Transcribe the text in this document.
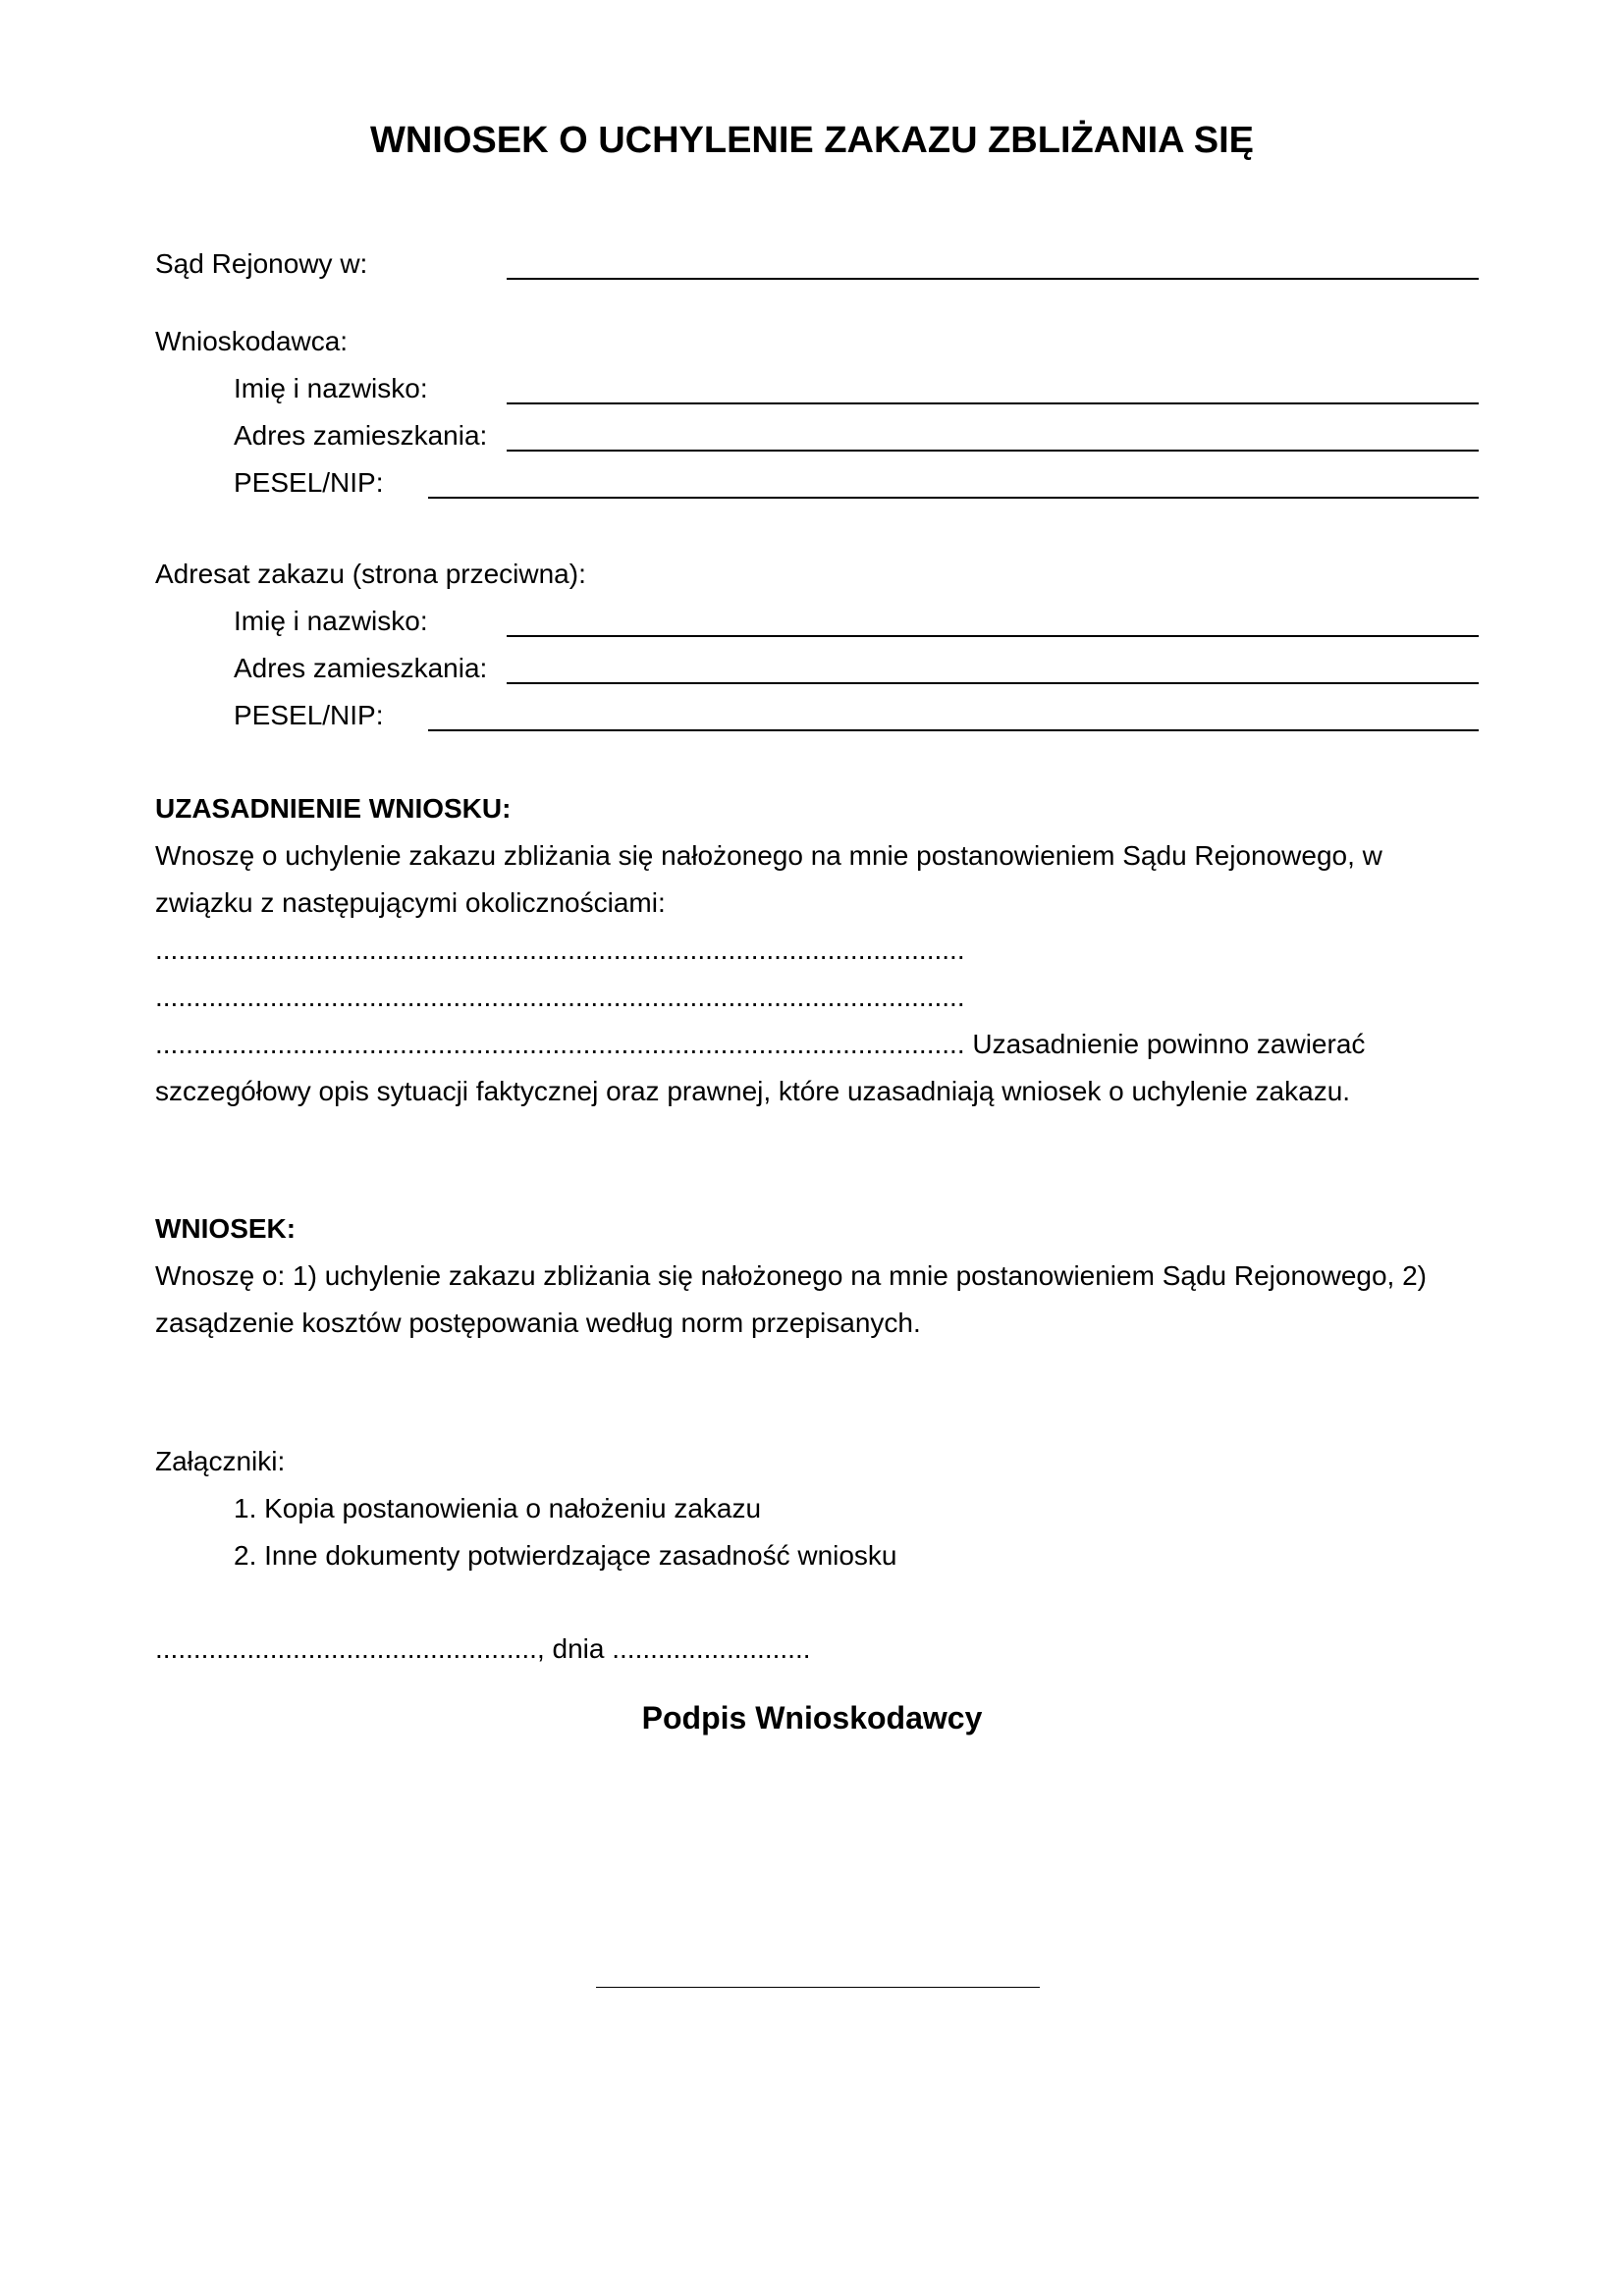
WNIOSEK O UCHYLENIE ZAKAZU ZBLIŻANIA SIĘ
Sąd Rejonowy w:
Wnioskodawca:
Imię i nazwisko:
Adres zamieszkania:
PESEL/NIP:
Adresat zakazu (strona przeciwna):
Imię i nazwisko:
Adres zamieszkania:
PESEL/NIP:
UZASADNIENIE WNIOSKU:
Wnoszę o uchylenie zakazu zbliżania się nałożonego na mnie postanowieniem Sądu Rejonowego, w
związku z następującymi okolicznościami:
..........................................................................................................
..........................................................................................................
.......................................................................................................... Uzasadnienie powinno zawierać
szczegółowy opis sytuacji faktycznej oraz prawnej, które uzasadniają wniosek o uchylenie zakazu.
WNIOSEK:
Wnoszę o: 1) uchylenie zakazu zbliżania się nałożonego na mnie postanowieniem Sądu Rejonowego, 2)
zasądzenie kosztów postępowania według norm przepisanych.
Załączniki:
1. Kopia postanowienia o nałożeniu zakazu
2. Inne dokumenty potwierdzające zasadność wniosku
.................................................., dnia ..........................
Podpis Wnioskodawcy
